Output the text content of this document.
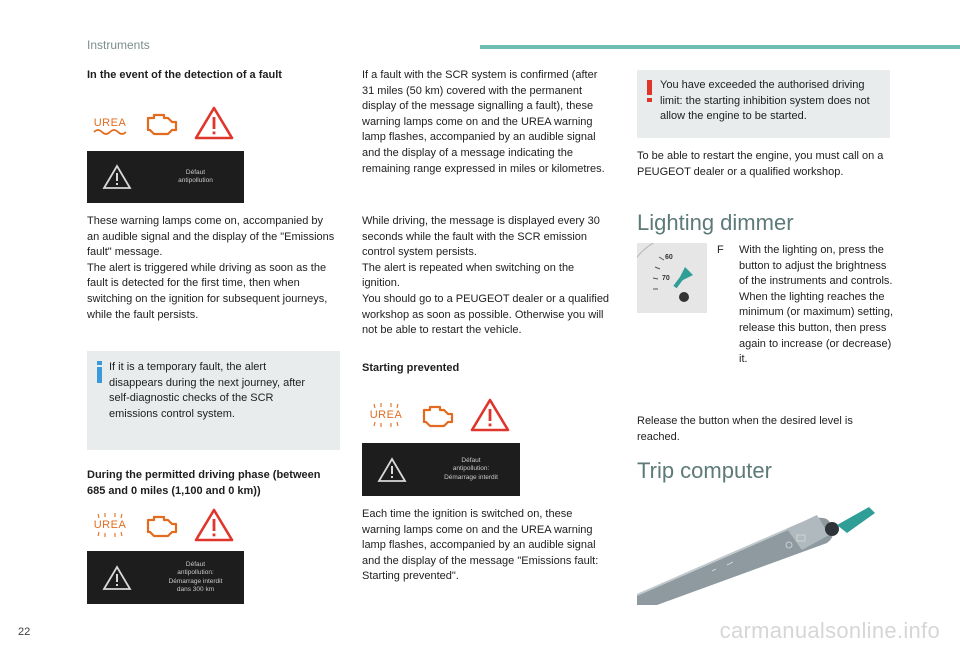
Instruments
In the event of the detection of a fault
UREA
Défaut
antipollution

These warning lamps come on, accompanied by an audible signal and the display of the "Emissions fault" message.

The alert is triggered while driving as soon as the fault is detected for the first time, then when switching on the ignition for subsequent journeys, while the fault persists.

If it is a temporary fault, the alert disappears during the next journey, after self-diagnostic checks of the SCR emissions control system.

During the permitted driving phase (between 685 and 0 miles (1,100 and 0 km))
UREA
Défaut
antipollution:
Démarrage interdit
dans 300 km

If a fault with the SCR system is confirmed (after 31 miles (50 km) covered with the permanent display of the message signalling a fault), these warning lamps come on and the UREA warning lamp flashes, accompanied by an audible signal and the display of a message indicating the remaining range expressed in miles or kilometres.

While driving, the message is displayed every 30 seconds while the fault with the SCR emission control system persists.

The alert is repeated when switching on the ignition.

You should go to a PEUGEOT dealer or a qualified workshop as soon as possible. Otherwise you will not be able to restart the vehicle.

Starting prevented
UREA
Défaut
antipollution:
Démarrage interdit

Each time the ignition is switched on, these warning lamps come on and the UREA warning lamp flashes, accompanied by an audible signal and the display of the message "Emissions fault: Starting prevented".

You have exceeded the authorised driving limit: the starting inhibition system does not allow the engine to be started.

To be able to restart the engine, you must call on a PEUGEOT dealer or a qualified workshop.

Lighting dimmer
60
70
F	With the lighting on, press the button to adjust the brightness of the instruments and controls. When the lighting reaches the minimum (or maximum) setting, release this button, then press again to increase (or decrease) it.

Release the button when the desired level is reached.

Trip computer
22	carmanualsonline.info
